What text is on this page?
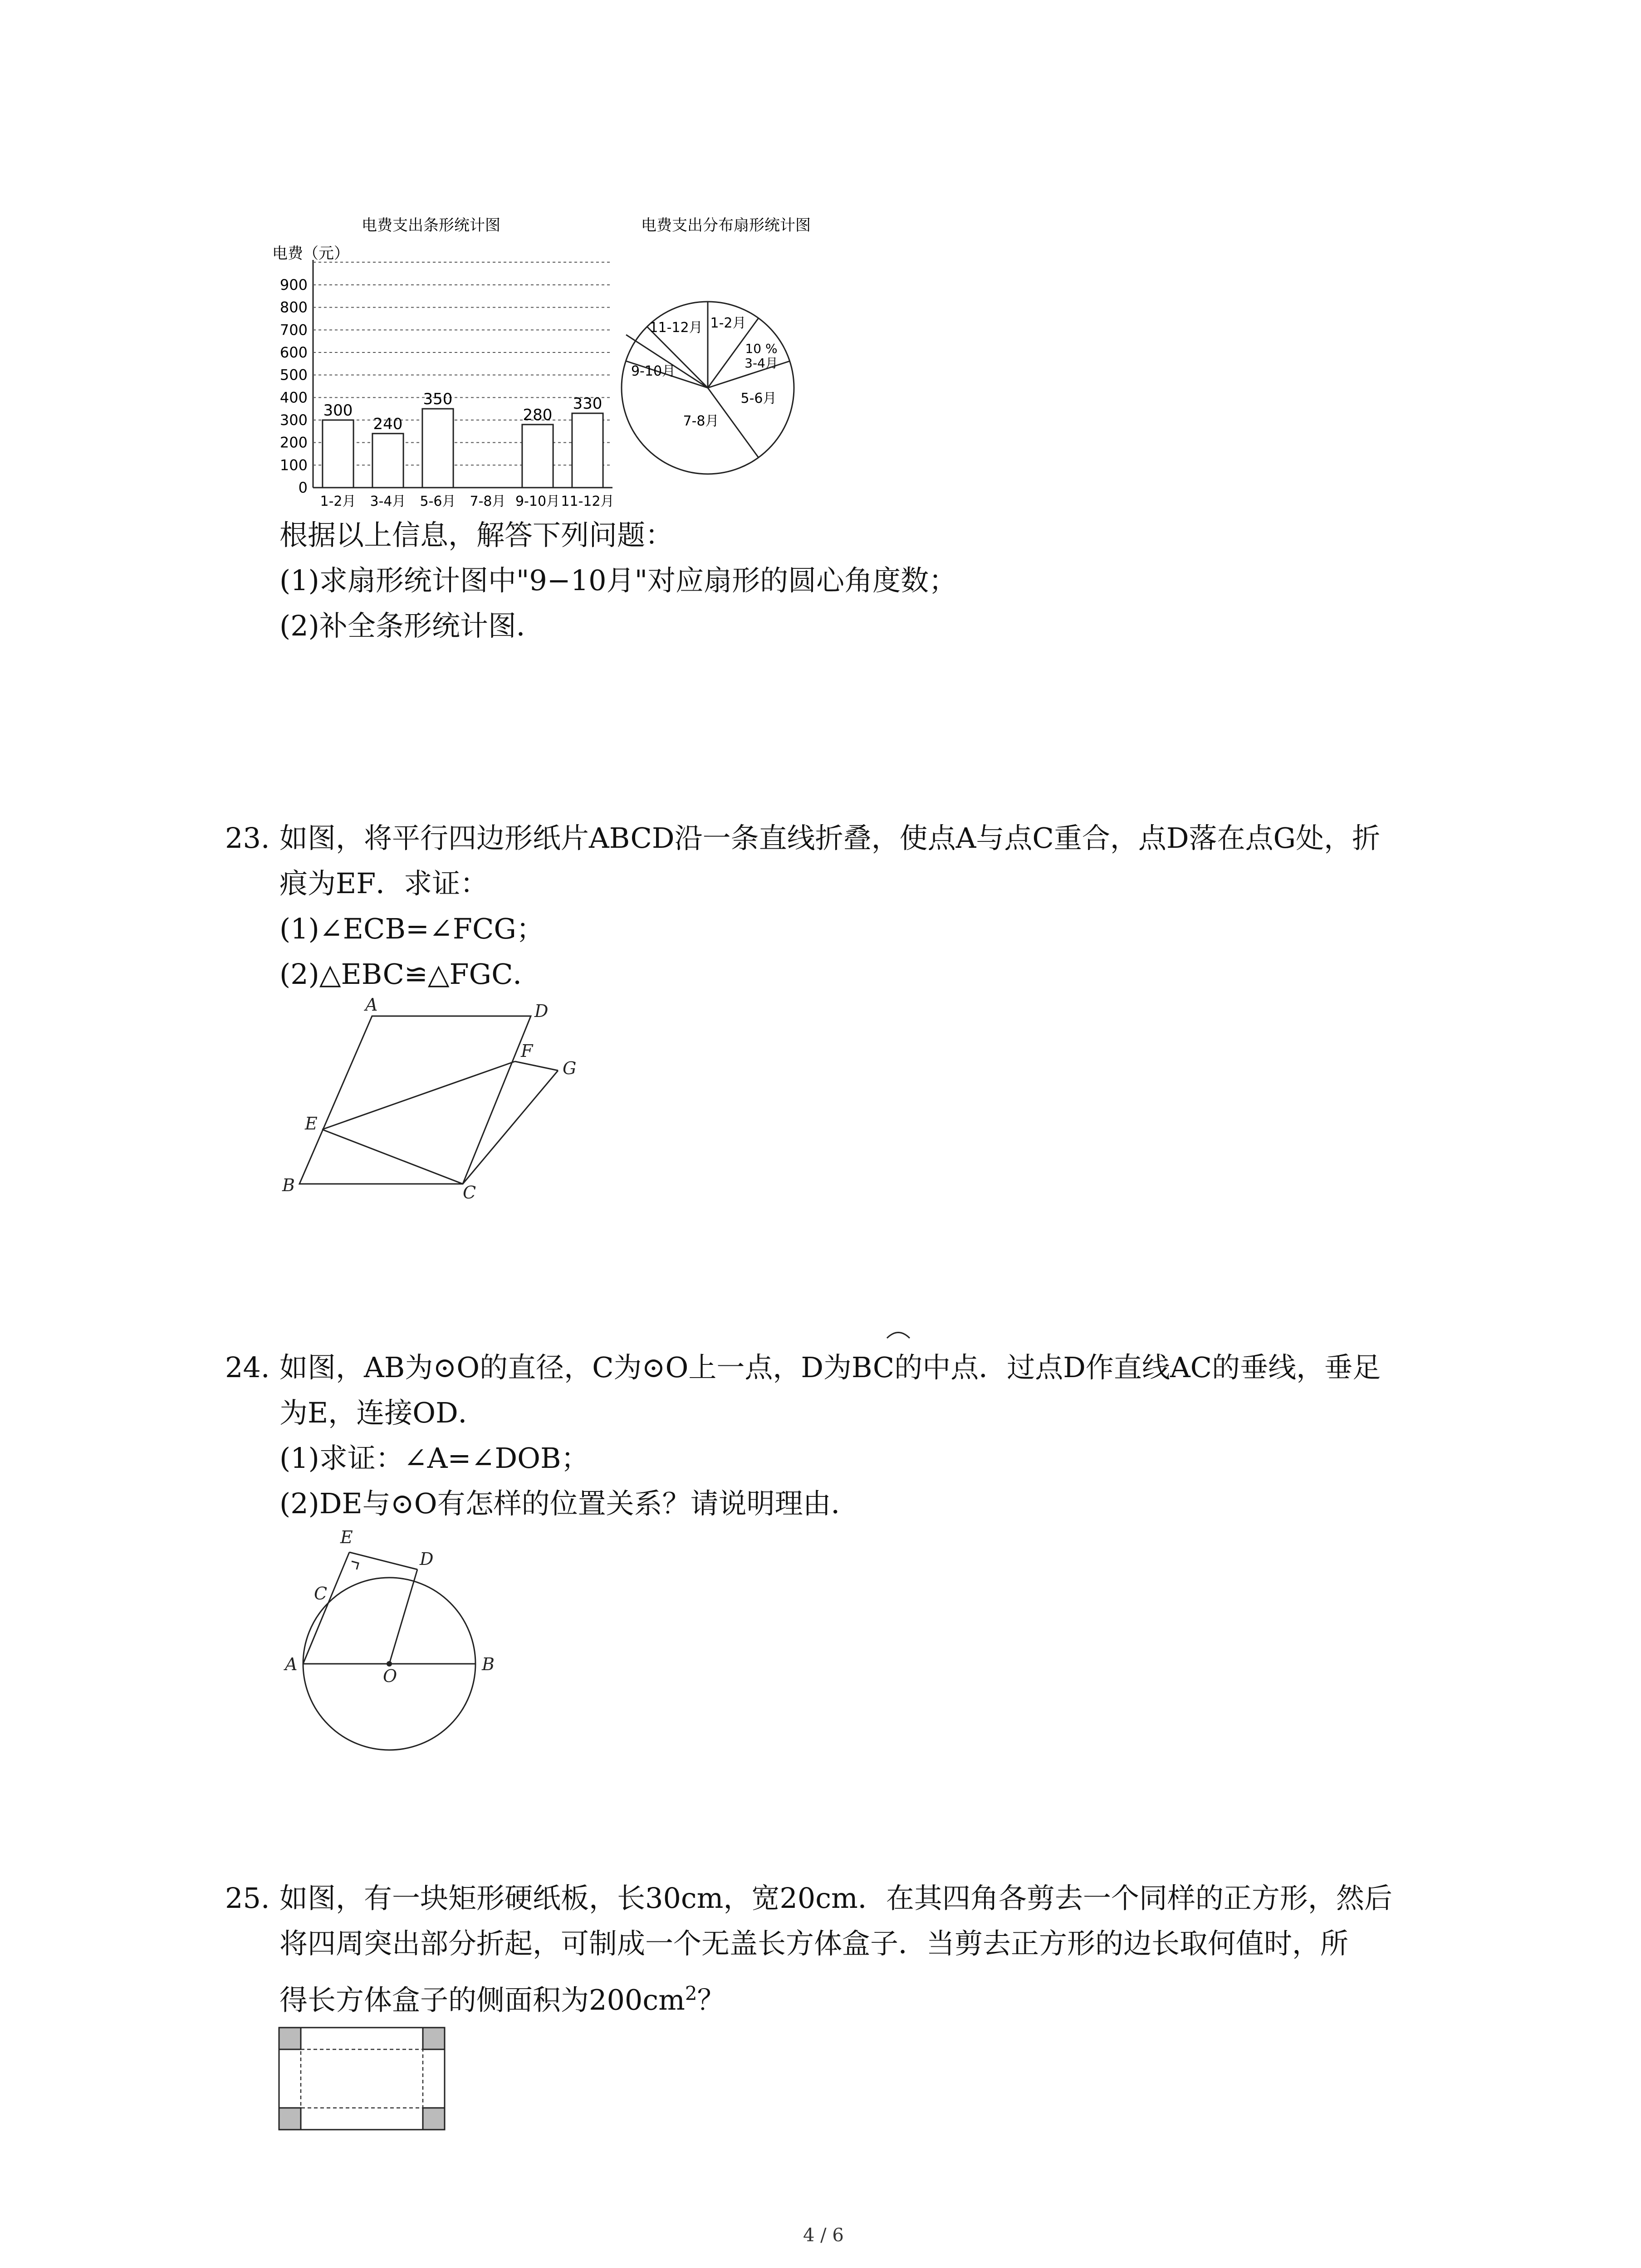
电费支出条形统计图	电费支出分布扇形统计图
电费（元）
0
100
200
300
400
500
600
700
800
900
300
240
350
280
330
1-2月 3-4月 5-6月 7-8月 9-10月 11-12月
1-2月
10 %
3-4月
5-6月
7-8月
9-10月
11-12月
根据以上信息，解答下列问题：
(1)求扇形统计图中"9−10月"对应扇形的圆心角度数；
(2)补全条形统计图．
23. 如图，将平行四边形纸片ABCD沿一条直线折叠，使点A与点C重合，点D落在点G处，折
痕为EF．求证：
(1)∠ECB=∠FCG；
(2)△EBC≌△FGC．
A	D
F
G
E
B	C
24. 如图，AB为⊙O的直径，C为⊙O上一点，D为BC的中点．过点D作直线AC的垂线，垂足
为E，连接OD．
(1)求证：∠A=∠DOB；
(2)DE与⊙O有怎样的位置关系？请说明理由．
E
D
C
A
O
B
25. 如图，有一块矩形硬纸板，长30cm，宽20cm．在其四角各剪去一个同样的正方形，然后
将四周突出部分折起，可制成一个无盖长方体盒子．当剪去正方形的边长取何值时，所
得长方体盒子的侧面积为$200cm^2$？
4 / 6
